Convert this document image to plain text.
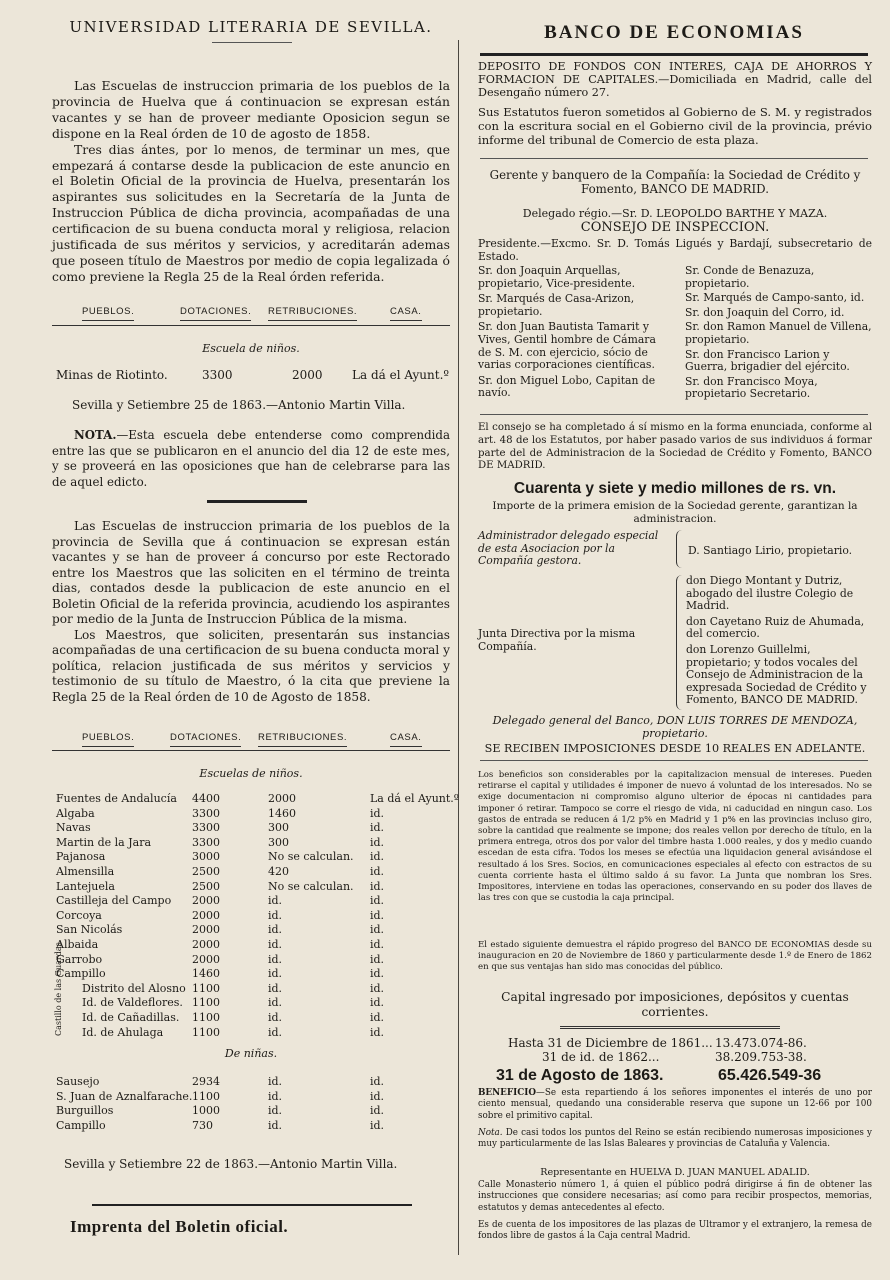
UNIVERSIDAD LITERARIA DE SEVILLA.

Las Escuelas de instruccion primaria de los pueblos de la provincia de Huelva que á continuacion se expresan están vacantes y se han de proveer mediante Oposicion segun se dispone en la Real órden de 10 de agosto de 1858.

Tres dias ántes, por lo menos, de terminar un mes, que empezará á contarse desde la publicacion de este anuncio en el Boletin Oficial de la provincia de Huelva, presentarán los aspirantes sus solicitudes en la Secretaría de la Junta de Instruccion Pública de dicha provincia, acompañadas de una certificacion de su buena conducta moral y religiosa, relacion justificada de sus méritos y servicios, y acreditarán ademas que poseen título de Maestros por medio de copia legalizada ó como previene la Regla 25 de la Real órden referida.

PUEBLOS.	DOTACIONES. RETRIBUCIONES.	CASA.
Escuela de niños.
Minas de Riotinto.	3300	2000 La dá el Ayunt.º
Sevilla y Setiembre 25 de 1863.—Antonio Martin Villa.

NOTA.—Esta escuela debe entenderse como comprendida entre las que se publicaron en el anuncio del dia 12 de este mes, y se proveerá en las oposiciones que han de celebrarse para las de aquel edicto.

Las Escuelas de instruccion primaria de los pueblos de la provincia de Sevilla que á continuacion se expresan están vacantes y se han de proveer á concurso por este Rectorado entre los Maestros que las soliciten en el término de treinta dias, contados desde la publicacion de este anuncio en el Boletin Oficial de la referida provincia, acudiendo los aspirantes por medio de la Junta de Instruccion Pública de la misma.

Los Maestros, que soliciten, presentarán sus instancias acompañadas de una certificacion de su buena conducta moral y política, relacion justificada de sus méritos y servicios y testimonio de su título de Maestro, ó la cita que previene la Regla 25 de la Real órden de 10 de Agosto de 1858.

PUEBLOS.	DOTACIONES. RETRIBUCIONES.	CASA.
Escuelas de niños.
Fuentes de Andalucía 4400	2000	La dá el Ayunt.º
Algaba	3300	1460	id.
Navas	3300	300	id.
Martin de la Jara	3300	300	id.
Pajanosa	3000	No se calculan. id.
Almensilla	2500	420	id.
Lantejuela	2500	No se calculan. id.
Castilleja del Campo 2000	id.	id.
Corcoya	2000	id.	id.
San Nicolás	2000	id.	id.
Albaida	2000	id.	id.
Garrobo	2000	id.	id.
Campillo	1460	id.	id.
Distrito del Alosno 1100	id.	id.
Id. de Valdeflores. 1100	id.	id.
Id. de Cañadillas. 1100	id.	id.
Id. de Ahulaga	1100	id.	id.
Castillo de las Guardas
De niñas.
Sausejo	2934	id.	id.
S. Juan de Aznalfarache. 1100	id.	id.
Burguillos	1000	id.	id.
Campillo	730	id.	id.
Sevilla y Setiembre 22 de 1863.—Antonio Martin Villa.
Imprenta del Boletin oficial.
BANCO DE ECONOMIAS
DEPOSITO DE FONDOS CON INTERES, CAJA DE AHORROS Y FORMACION DE CAPITALES.—Domiciliada en Madrid, calle del Desengaño número 27.
Sus Estatutos fueron sometidos al Gobierno de S. M. y registrados con la escritura social en el Gobierno civil de la provincia, prévio informe del tribunal de Comercio de esta plaza.
Gerente y banquero de la Compañía: la Sociedad de Crédito y Fomento, BANCO DE MADRID.
Delegado régio.—Sr. D. LEOPOLDO BARTHE Y MAZA.
CONSEJO DE INSPECCION.
Presidente.—Excmo. Sr. D. Tomás Ligués y Bardají, subsecretario de Estado.
Sr. don Joaquin Arquellas, propietario, Vice-presidente.
Sr. Marqués de Casa-Arizon, propietario.
Sr. don Juan Bautista Tamarit y Vives, Gentil hombre de Cámara de S. M. con ejercicio, sócio de varias corporaciones científicas.
Sr. don Miguel Lobo, Capitan de navío.
Sr. Conde de Benazuza, propietario.
Sr. Marqués de Campo-santo, id.
Sr. don Joaquin del Corro, id.
Sr. don Ramon Manuel de Villena, propietario.
Sr. don Francisco Larion y Guerra, brigadier del ejército.
Sr. don Francisco Moya, propietario Secretario.
El consejo se ha completado á sí mismo en la forma enunciada, conforme al art. 48 de los Estatutos, por haber pasado varios de sus individuos á formar parte del de Administracion de la Sociedad de Crédito y Fomento, BANCO DE MADRID.
Cuarenta y siete y medio millones de rs. vn.
Importe de la primera emision de la Sociedad gerente, garantizan la administracion.
Administrador delegado especial de esta Asociacion por la Compañía gestora.
D. Santiago Lirio, propietario.
Junta Directiva por la misma Compañía.
don Diego Montant y Dutriz, abogado del ilustre Colegio de Madrid.
don Cayetano Ruiz de Ahumada, del comercio.
don Lorenzo Guillelmi, propietario; y todos vocales del Consejo de Administracion de la expresada Sociedad de Crédito y Fomento, BANCO DE MADRID.
Delegado general del Banco, DON LUIS TORRES DE MENDOZA, propietario.
SE RECIBEN IMPOSICIONES DESDE 10 REALES EN ADELANTE.
Los beneficios son considerables por la capitalizacion mensual de intereses. Pueden retirarse el capital y utilidades é imponer de nuevo á voluntad de los interesados. No se exige documentacion ni compromiso alguno ulterior de épocas ni cantidades para imponer ó retirar. Tampoco se corre el riesgo de vida, ni caducidad en ningun caso. Los gastos de entrada se reducen á 1/2 p% en Madrid y 1 p% en las provincias incluso giro, sobre la cantidad que realmente se impone; dos reales vellon por derecho de título, en la primera entrega, otros dos por valor del timbre hasta 1.000 reales, y dos y medio cuando escedan de esta cifra. Todos los meses se efectúa una liquidacion general avisándose el resultado á los Sres. Socios, en comunicaciones especiales al efecto con estractos de su cuenta corriente hasta el último saldo á su favor. La Junta que nombran los Sres. Impositores, interviene en todas las operaciones, conservando en su poder dos llaves de las tres con que se custodia la caja principal.
El estado siguiente demuestra el rápido progreso del BANCO DE ECONOMIAS desde su inauguracion en 20 de Noviembre de 1860 y particularmente desde 1.º de Enero de 1862 en que sus ventajas han sido mas conocidas del público.
Capital ingresado por imposiciones, depósitos y cuentas corrientes.
Hasta 31 de Diciembre de 1861... 13.473.074-86.
31 de id. de 1862...	38.209.753-38.
31 de Agosto de 1863.	65.426.549-36
BENEFICIO—Se esta repartiendo á los señores imponentes el interés de uno por ciento mensual, quedando una considerable reserva que supone un 12-66 por 100 sobre el primitivo capital.
Nota. De casi todos los puntos del Reino se están recibiendo numerosas imposiciones y muy particularmente de las Islas Baleares y provincias de Cataluña y Valencia.
Representante en HUELVA D. JUAN MANUEL ADALID.
Calle Monasterio número 1, á quien el público podrá dirigirse á fin de obtener las instrucciones que considere necesarias; así como para recibir prospectos, memorias, estatutos y demas antecedentes al efecto.
Es de cuenta de los impositores de las plazas de Ultramor y el extranjero, la remesa de fondos libre de gastos á la Caja central Madrid.
